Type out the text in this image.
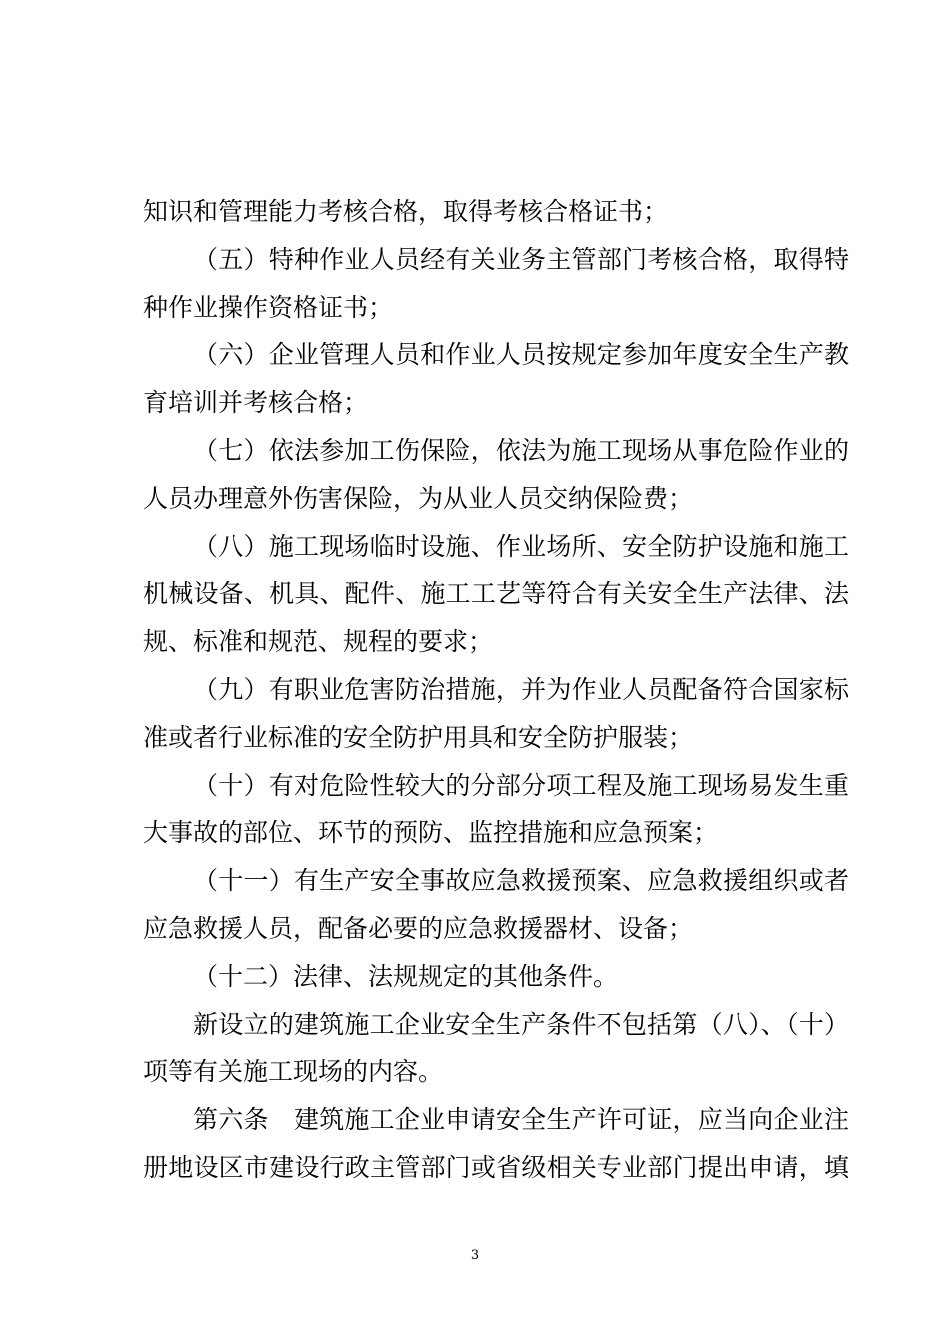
知识和管理能力考核合格，取得考核合格证书；
（五）特种作业人员经有关业务主管部门考核合格，取得特
种作业操作资格证书；
（六）企业管理人员和作业人员按规定参加年度安全生产教
育培训并考核合格；
（七）依法参加工伤保险，依法为施工现场从事危险作业的
人员办理意外伤害保险，为从业人员交纳保险费；
（八）施工现场临时设施、作业场所、安全防护设施和施工
机械设备、机具、配件、施工工艺等符合有关安全生产法律、法
规、标准和规范、规程的要求；
（九）有职业危害防治措施，并为作业人员配备符合国家标
准或者行业标准的安全防护用具和安全防护服装；
（十）有对危险性较大的分部分项工程及施工现场易发生重
大事故的部位、环节的预防、监控措施和应急预案；
（十一）有生产安全事故应急救援预案、应急救援组织或者
应急救援人员，配备必要的应急救援器材、设备；
（十二）法律、法规规定的其他条件。
新设立的建筑施工企业安全生产条件不包括第（八）、（十）
项等有关施工现场的内容。
第六条　建筑施工企业申请安全生产许可证，应当向企业注
册地设区市建设行政主管部门或省级相关专业部门提出申请，填
3
